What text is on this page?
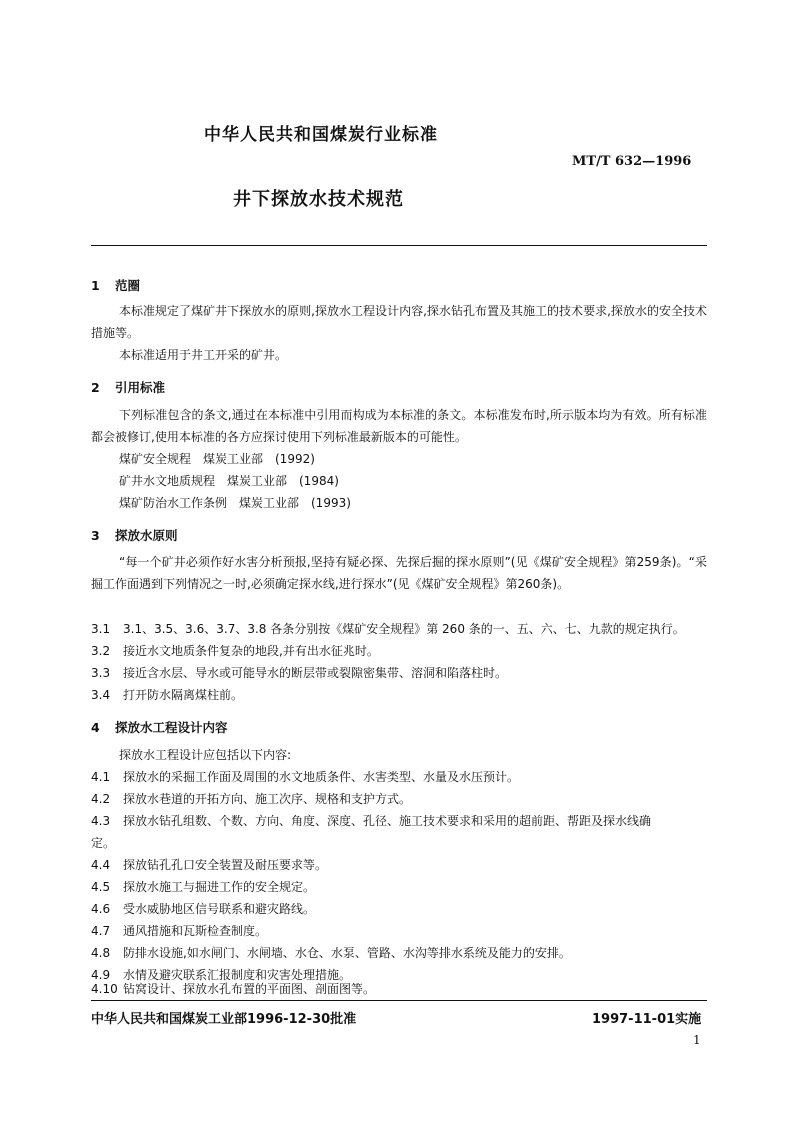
中华人民共和国煤炭行业标准
MT/T 632—1996
井下探放水技术规范
1 范圈
本标准规定了煤矿井下探放水的原则,探放水工程设计内容,探水钻孔布置及其施工的技术要求,探放水的安全技术措施等。
本标准适用于井工开采的矿井。
2 引用标准
下列标准包含的条文,通过在本标准中引用而构成为本标准的条文。本标准发布时,所示版本均为有效。所有标准都会被修订,使用本标准的各方应探讨使用下列标准最新版本的可能性。
煤矿安全规程　煤炭工业部　(1992)
矿井水文地质规程　煤炭工业部　(1984)
煤矿防治水工作条例　煤炭工业部　(1993)
3 探放水原则
“每一个矿井必须作好水害分析预报,坚持有疑必探、先探后掘的探水原则”(见《煤矿安全规程》第259条)。“采掘工作面遇到下列情况之一时,必须确定探水线,进行探水”(见《煤矿安全规程》第260条)。
3.1 3.1、3.5、3.6、3.7、3.8 各条分别按《煤矿安全规程》第 260 条的一、五、六、七、九款的规定执行。
3.2 接近水文地质条件复杂的地段,并有出水征兆时。
3.3 接近含水层、导水或可能导水的断层带或裂隙密集带、溶洞和陷落柱时。
3.4 打开防水隔离煤柱前。
4 探放水工程设计内容
探放水工程设计应包括以下内容:
4.1 探放水的采掘工作面及周围的水文地质条件、水害类型、水量及水压预计。
4.2 探放水巷道的开拓方向、施工次序、规格和支护方式。
4.3 探放水钻孔组数、个数、方向、角度、深度、孔径、施工技术要求和采用的超前距、帮距及探水线确
定。
4.4 探放钻孔孔口安全装置及耐压要求等。
4.5 探放水施工与掘进工作的安全规定。
4.6 受水威胁地区信号联系和避灾路线。
4.7 通风措施和瓦斯检查制度。
4.8 防排水设施,如水闸门、水闸墙、水仓、水泵、管路、水沟等排水系统及能力的安排。
4.9 水情及避灾联系汇报制度和灾害处理措施。
4.10 钻窝设计、探放水孔布置的平面图、剖面图等。
中华人民共和国煤炭工业部1996-12-30批准	1997-11-01实施
1
